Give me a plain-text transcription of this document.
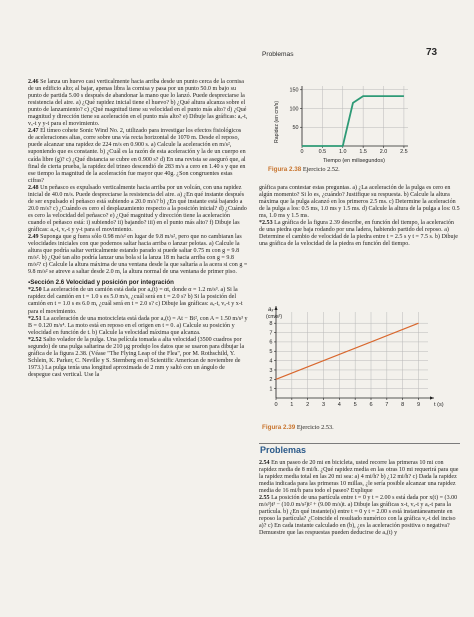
Problemas	73

2.46 Se lanza un huevo casi verticalmente hacia arriba desde un punto cerca de la cornisa de un edificio alto; al bajar, apenas libra la cornisa y pasa por un punto 50.0 m bajo su punto de partida 5.00 s después de abandonar la mano que lo lanzó. Puede despreciarse la resistencia del aire. a) ¿Qué rapidez inicial tiene el huevo? b) ¿Qué altura alcanza sobre el punto de lanzamiento? c) ¿Qué magnitud tiene su velocidad en el punto más alto? d) ¿Qué magnitud y dirección tiene su aceleración en el punto más alto? e) Dibuje las gráficas: aₓ-t, vₓ-t y y-t para el movimiento.

2.47 El tímeo cohete Sonic Wind No. 2, utilizado para investigar los efectos fisiológicos de aceleraciones altas, corre sobre una vía recta horizontal de 1070 m. Desde el reposo, puede alcanzar una rapidez de 224 m/s en 0.900 s. a) Calcule la aceleración en m/s², suponiendo que es constante. b) ¿Cuál es la razón de esta aceleración y la de un cuerpo en caída libre (g)? c) ¿Qué distancia se cubre en 0.900 s? d) En una revista se aseguró que, al final de cierta prueba, la rapidez del trineo descendió de 283 m/s a cero en 1.40 s y que en ese tiempo la magnitud de la aceleración fue mayor que 40g. ¿Son congruentes estas cifras?

2.48 Un peñasco es expulsado verticalmente hacia arriba por un volcán, con una rapidez inicial de 40.0 m/s. Puede despreciarse la resistencia del aire. a) ¿En qué instante después de ser expulsado el peñasco está subiendo a 20.0 m/s? b) ¿En qué instante está bajando a 20.0 m/s? c) ¿Cuándo es cero el desplazamiento respecto a la posición inicial? d) ¿Cuándo es cero la velocidad del peñasco? e) ¿Qué magnitud y dirección tiene la aceleración cuando el peñasco está: i) subiendo? ii) bajando? iii) en el punto más alto? f) Dibuje las gráficas: aₓ-t, vₓ-t y y-t para el movimiento.

2.49 Suponga que g fuera sólo 0.98 m/s² en lugar de 9.8 m/s², pero que no cambiaran las velocidades iniciales con que podemos saltar hacia arriba o lanzar pelotas. a) Calcule la altura que podría saltar verticalmente estando parado si puede saltar 0.75 m con g = 9.8 m/s². b) ¿Qué tan alto podría lanzar una bola si la lanza 18 m hacia arriba con g = 9.8 m/s²? c) Calcule la altura máxima de una ventana desde la que saltaría a la acera si con g = 9.8 m/s² se atreve a saltar desde 2.0 m, la altura normal de una ventana de primer piso.

▪Sección 2.6 Velocidad y posición por integración

*2.50 La aceleración de un camión está dada por aₓ(t) = αt, donde α = 1.2 m/s³. a) Si la rapidez del camión en t = 1.0 s es 5.0 m/s, ¿cuál será en t = 2.0 s? b) Si la posición del camión en t = 1.0 s es 6.0 m, ¿cuál será en t = 2.0 s? c) Dibuje las gráficas: aₓ-t, vₓ-t y x-t para el movimiento.

*2.51 La aceleración de una motocicleta está dada por aₓ(t) = At − Bt², con A = 1.50 m/s³ y B = 0.120 m/s⁴. La moto está en reposo en el origen en t = 0. a) Calcule su posición y velocidad en función de t. b) Calcule la velocidad máxima que alcanza.

*2.52 Salto volador de la pulga. Una película tomada a alta velocidad (3500 cuadros por segundo) de una pulga saltarina de 210 μg produjo los datos que se usaron para dibujar la gráfica de la figura 2.38. (Véase "The Flying Leap of the Flea", por M. Rothschild, Y. Schlein, K. Parker, C. Neville y S. Sternberg en el Scientific American de noviembre de 1973.) La pulga tenía una longitud aproximada de 2 mm y saltó con un ángulo de despegue casi vertical. Use la

0	0.5 1.0 1.5 2.0 2.5
50
100
150
Rapidez (en cm/s)
Tiempo (en milisegundos)
Figura 2.38 Ejercicio 2.52.

gráfica para contestar estas preguntas. a) ¿La aceleración de la pulga es cero en algún momento? Si lo es, ¿cuándo? Justifique su respuesta. b) Calcule la altura máxima que la pulga alcanzó en los primeros 2.5 ms. c) Determine la aceleración de la pulga a los: 0.5 ms, 1.0 ms y 1.5 ms. d) Calcule la altura de la pulga a los: 0.5 ms, 1.0 ms y 1.5 ms.

*2.53 La gráfica de la figura 2.39 describe, en función del tiempo, la aceleración de una piedra que baja rodando por una ladera, habiendo partido del reposo. a) Determine el cambio de velocidad de la piedra entre t = 2.5 s y t = 7.5 s. b) Dibuje una gráfica de la velocidad de la piedra en función del tiempo.

0 1 2 3 4 5 6 7 8 9
1
2
3
4
5
6
7
8
aₓ
(cm/s²)
t (s)
Figura 2.39 Ejercicio 2.53.
Problemas

2.54 En un paseo de 20 mi en bicicleta, usted recorre las primeras 10 mi con rapidez media de 8 mi/h. ¿Qué rapidez media en las otras 10 mi requerirá para que la rapidez media total en las 20 mi sea: a) 4 mi/h? b) ¿12 mi/h? c) Dada la rapidez media indicada para las primeras 10 millas, ¿le sería posible alcanzar una rapidez media de 16 mi/h para todo el paseo? Explique

2.55 La posición de una partícula entre t = 0 y t = 2.00 s está dada por x(t) = (3.00 m/s³)t³ − (10.0 m/s²)t² + (9.00 m/s)t. a) Dibuje las gráficas x-t, vₓ-t y aₓ-t para la partícula. b) ¿En qué instante(s) entre t = 0 y t = 2.00 s está instantáneamente en reposo la partícula? ¿Coincide el resultado numérico con la gráfica vₓ-t del inciso a)? c) En cada instante calculado en (b), ¿es la aceleración positiva o negativa? Demuestre que las respuestas pueden deducirse de aₓ(t) y
